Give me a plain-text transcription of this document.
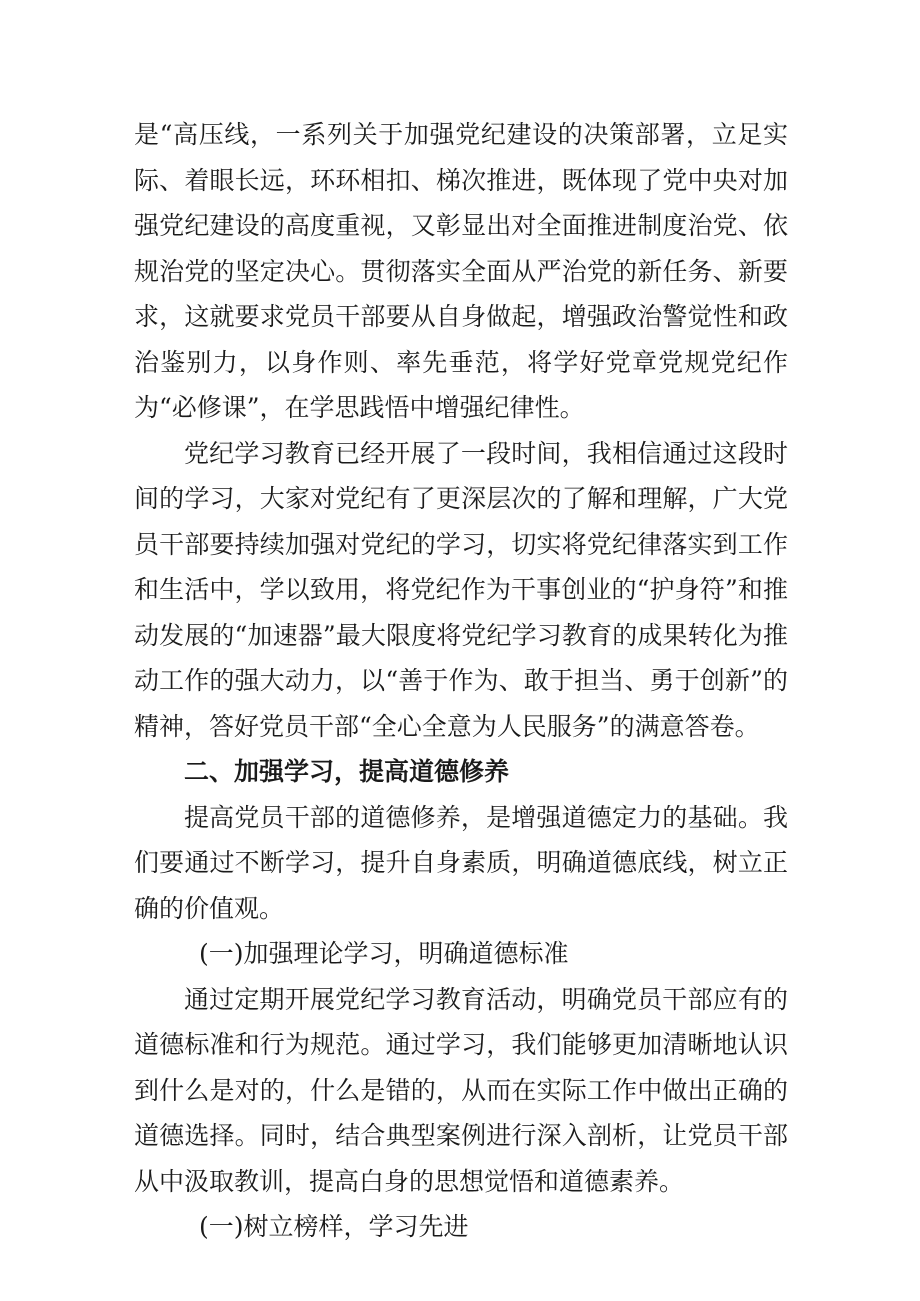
是“高压线，一系列关于加强党纪建设的决策部署，立足实际、着眼长远，环环相扣、梯次推进，既体现了党中央对加强党纪建设的高度重视，又彰显出对全面推进制度治党、依规治党的坚定决心。贯彻落实全面从严治党的新任务、新要求，这就要求党员干部要从自身做起，增强政治警觉性和政治鉴别力，以身作则、率先垂范，将学好党章党规党纪作为“必修课”，在学思践悟中增强纪律性。

党纪学习教育已经开展了一段时间，我相信通过这段时间的学习，大家对党纪有了更深层次的了解和理解，广大党员干部要持续加强对党纪的学习，切实将党纪律落实到工作和生活中，学以致用，将党纪作为干事创业的“护身符”和推动发展的“加速器”最大限度将党纪学习教育的成果转化为推动工作的强大动力，以“善于作为、敢于担当、勇于创新”的精神，答好党员干部“全心全意为人民服务”的满意答卷。

二、加强学习，提高道德修养

提高党员干部的道德修养，是增强道德定力的基础。我们要通过不断学习，提升自身素质，明确道德底线，树立正确的价值观。

(一)加强理论学习，明确道德标准

通过定期开展党纪学习教育活动，明确党员干部应有的道德标准和行为规范。通过学习，我们能够更加清晰地认识到什么是对的，什么是错的，从而在实际工作中做出正确的道德选择。同时，结合典型案例进行深入剖析，让党员干部从中汲取教训，提高白身的思想觉悟和道德素养。

(一)树立榜样，学习先进
